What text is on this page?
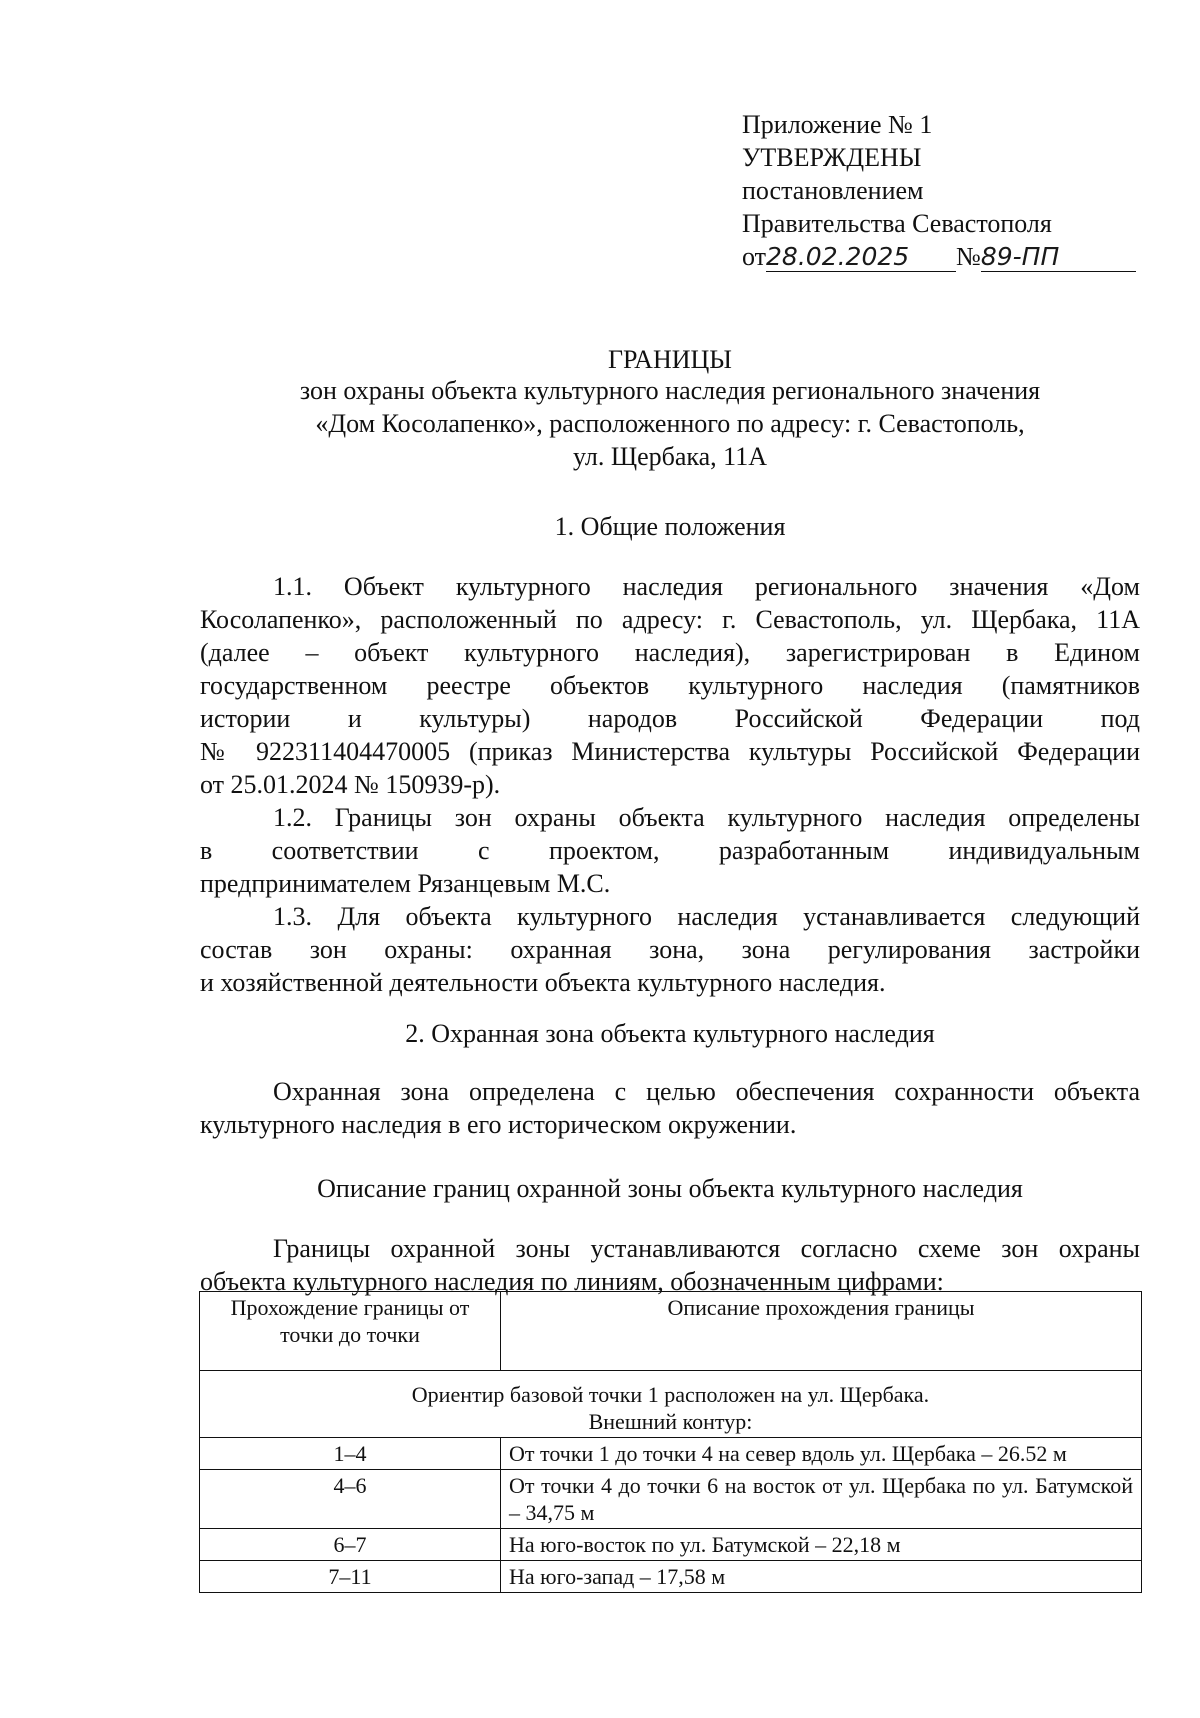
Приложение № 1
УТВЕРЖДЕНЫ
постановлением
Правительства Севастополя
от28.02.2025 №89-ПП
ГРАНИЦЫ
зон охраны объекта культурного наследия регионального значения
«Дом Косолапенко», расположенного по адресу: г. Севастополь,
ул. Щербака, 11А
1. Общие положения
1.1. Объект культурного наследия регионального значения «Дом
Косолапенко», расположенный по адресу: г. Севастополь, ул. Щербака, 11А
(далее – объект культурного наследия), зарегистрирован в Едином
государственном реестре объектов культурного наследия (памятников
истории и культуры) народов Российской Федерации под
№ 922311404470005 (приказ Министерства культуры Российской Федерации
от 25.01.2024 № 150939-р).
1.2. Границы зон охраны объекта культурного наследия определены
в соответствии с проектом, разработанным индивидуальным
предпринимателем Рязанцевым М.С.
1.3. Для объекта культурного наследия устанавливается следующий
состав зон охраны: охранная зона, зона регулирования застройки
и хозяйственной деятельности объекта культурного наследия.
2. Охранная зона объекта культурного наследия
Охранная зона определена с целью обеспечения сохранности объекта
культурного наследия в его историческом окружении.
Описание границ охранной зоны объекта культурного наследия
Границы охранной зоны устанавливаются согласно схеме зон охраны
объекта культурного наследия по линиям, обозначенным цифрами:
Прохождение границы от точки до точки	Описание прохождения границы

Ориентир базовой точки 1 расположен на ул. Щербака.
Внешний контур:	

1–4	От точки 1 до точки 4 на север вдоль ул. Щербака – 26.52 м
4–6	От точки 4 до точки 6 на восток от ул. Щербака по ул. Батумской – 34,75 м
6–7	На юго-восток по ул. Батумской – 22,18 м
7–11	На юго-запад – 17,58 м
